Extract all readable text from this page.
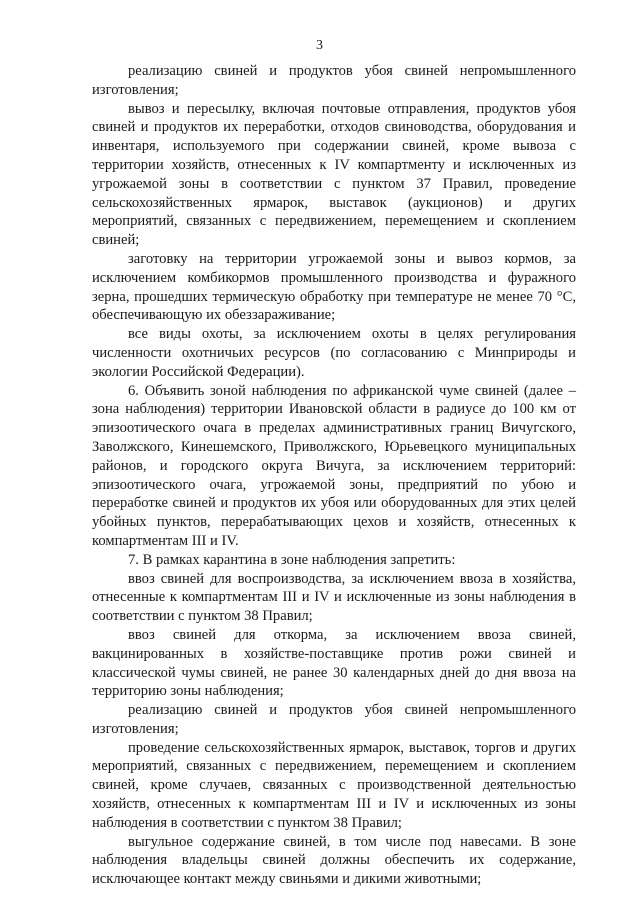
3

реализацию свиней и продуктов убоя свиней непромышленного изготовления;

вывоз и пересылку, включая почтовые отправления, продуктов убоя свиней и продуктов их переработки, отходов свиноводства, оборудования и инвентаря, используемого при содержании свиней, кроме вывоза с территории хозяйств, отнесенных к IV компартменту и исключенных из угрожаемой зоны в соответствии с пунктом 37 Правил, проведение сельскохозяйственных ярмарок, выставок (аукционов) и других мероприятий, связанных с передвижением, перемещением и скоплением свиней;

заготовку на территории угрожаемой зоны и вывоз кормов, за исключением комбикормов промышленного производства и фуражного зерна, прошедших термическую обработку при температуре не менее 70 °С, обеспечивающую их обеззараживание;

все виды охоты, за исключением охоты в целях регулирования численности охотничьих ресурсов (по согласованию с Минприроды и экологии Российской Федерации).

6. Объявить зоной наблюдения по африканской чуме свиней (далее – зона наблюдения) территории Ивановской области в радиусе до 100 км от эпизоотического очага в пределах административных границ Вичугского, Заволжского, Кинешемского, Приволжского, Юрьевецкого муниципальных районов, и городского округа Вичуга, за исключением территорий: эпизоотического очага, угрожаемой зоны, предприятий по убою и переработке свиней и продуктов их убоя или оборудованных для этих целей убойных пунктов, перерабатывающих цехов и хозяйств, отнесенных к компартментам III и IV.

7. В рамках карантина в зоне наблюдения запретить:

ввоз свиней для воспроизводства, за исключением ввоза в хозяйства, отнесенные к компартментам III и IV и исключенные из зоны наблюдения в соответствии с пунктом 38 Правил;

ввоз свиней для откорма, за исключением ввоза свиней, вакцинированных в хозяйстве-поставщике против рожи свиней и классической чумы свиней, не ранее 30 календарных дней до дня ввоза на территорию зоны наблюдения;

реализацию свиней и продуктов убоя свиней непромышленного изготовления;

проведение сельскохозяйственных ярмарок, выставок, торгов и других мероприятий, связанных с передвижением, перемещением и скоплением свиней, кроме случаев, связанных с производственной деятельностью хозяйств, отнесенных к компартментам III и IV и исключенных из зоны наблюдения в соответствии с пунктом 38 Правил;

выгульное содержание свиней, в том числе под навесами. В зоне наблюдения владельцы свиней должны обеспечить их содержание, исключающее контакт между свиньями и дикими животными;
